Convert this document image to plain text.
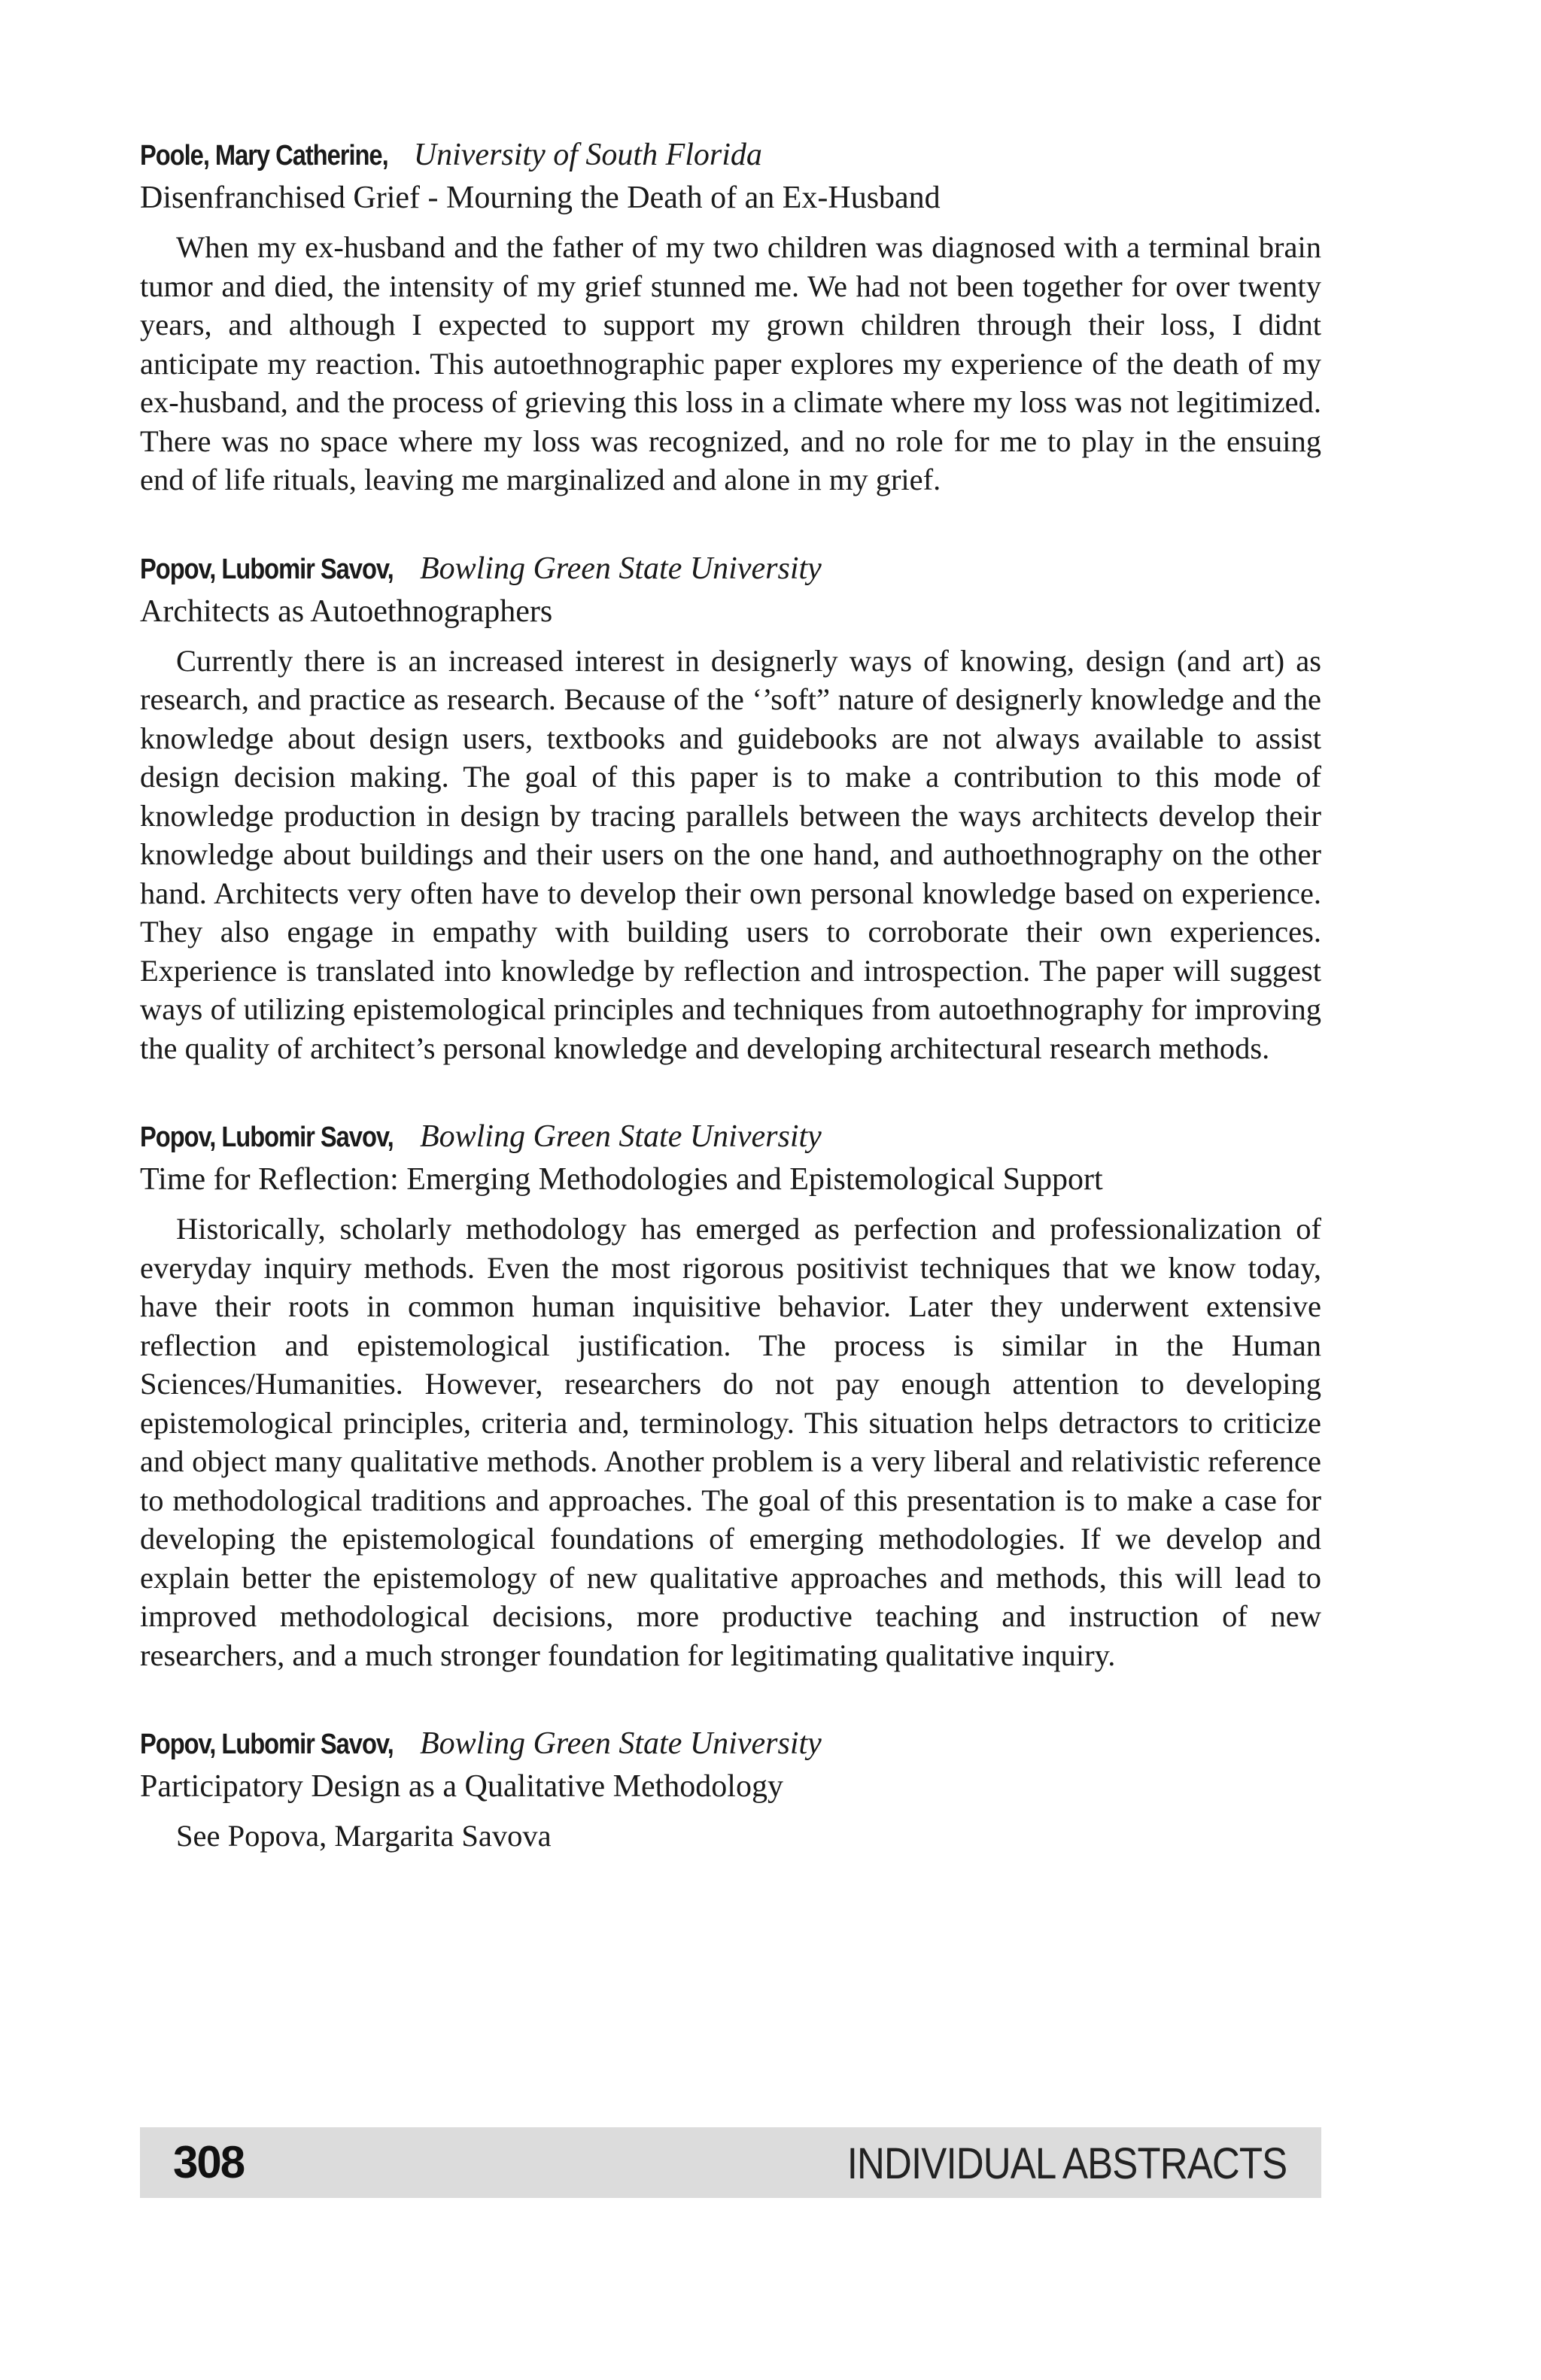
Poole, Mary Catherine, University of South Florida
Disenfranchised Grief - Mourning the Death of an Ex-Husband

When my ex-husband and the father of my two children was diagnosed with a terminal brain tumor and died, the intensity of my grief stunned me. We had not been together for over twenty years, and although I expected to support my grown children through their loss, I didnt anticipate my reaction. This autoethnographic paper explores my experience of the death of my ex-husband, and the process of grieving this loss in a climate where my loss was not legitimized. There was no space where my loss was recognized, and no role for me to play in the ensuing end of life rituals, leaving me marginalized and alone in my grief.

Popov, Lubomir Savov, Bowling Green State University
Architects as Autoethnographers

Currently there is an increased interest in designerly ways of knowing, design (and art) as research, and practice as research. Because of the ‘’soft” nature of designerly knowledge and the knowledge about design users, textbooks and guidebooks are not always available to assist design decision making. The goal of this paper is to make a contribution to this mode of knowledge production in design by tracing parallels between the ways architects develop their knowledge about buildings and their users on the one hand, and authoethnography on the other hand. Architects very often have to develop their own personal knowledge based on experience. They also engage in empathy with building users to corroborate their own experiences. Experience is translated into knowledge by reflection and introspection. The paper will suggest ways of utilizing epistemological principles and techniques from autoethnography for improving the quality of architect’s personal knowledge and developing architectural research methods.

Popov, Lubomir Savov, Bowling Green State University
Time for Reflection: Emerging Methodologies and Epistemological Support

Historically, scholarly methodology has emerged as perfection and professionalization of everyday inquiry methods. Even the most rigorous positivist techniques that we know today, have their roots in common human inquisitive behavior. Later they underwent extensive reflection and epistemological justification. The process is similar in the Human Sciences/Humanities. However, researchers do not pay enough attention to developing epistemological principles, criteria and, terminology. This situation helps detractors to criticize and object many qualitative methods. Another problem is a very liberal and relativistic reference to methodological traditions and approaches. The goal of this presentation is to make a case for developing the epistemological foundations of emerging methodologies. If we develop and explain better the epistemology of new qualitative approaches and methods, this will lead to improved methodological decisions, more productive teaching and instruction of new researchers, and a much stronger foundation for legitimating qualitative inquiry.

Popov, Lubomir Savov, Bowling Green State University
Participatory Design as a Qualitative Methodology

See Popova, Margarita Savova

308	INDIVIDUAL ABSTRACTS
